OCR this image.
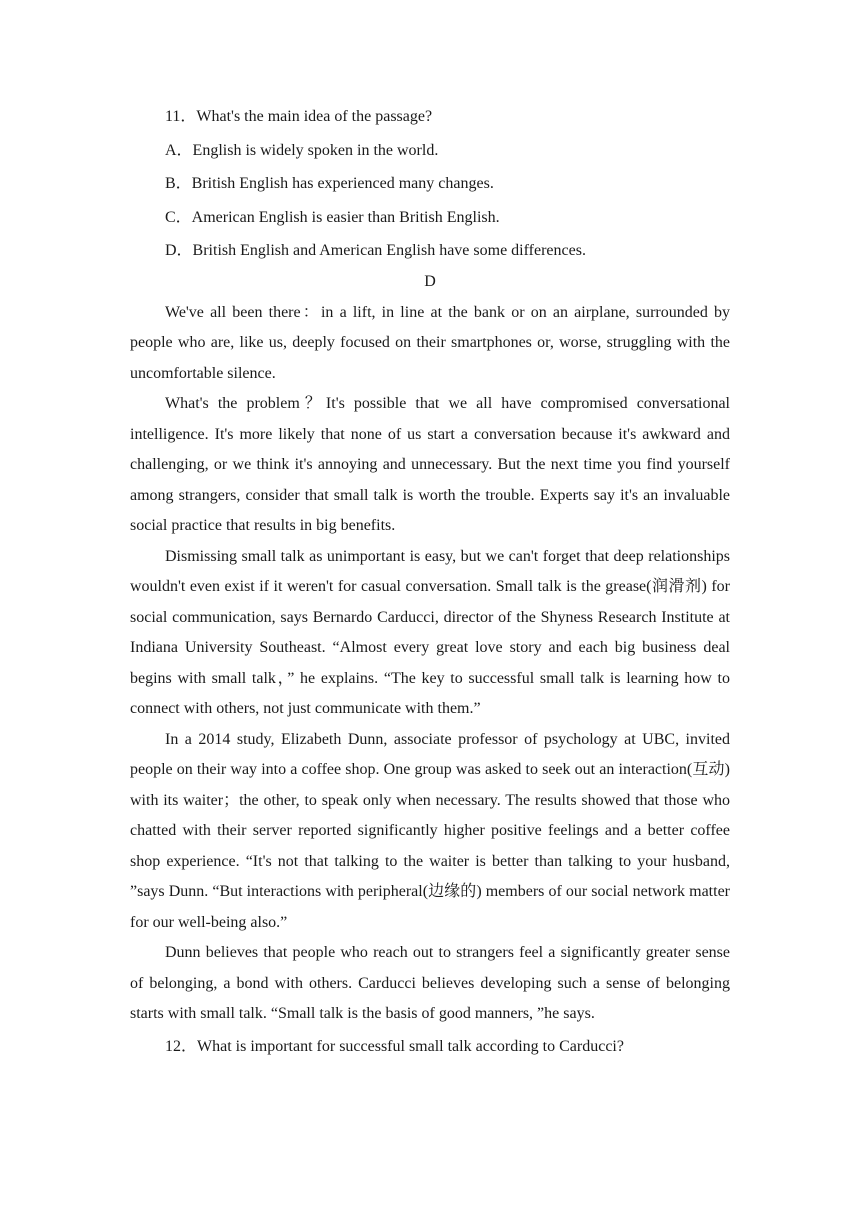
11．What's the main idea of the passage?
A．English is widely spoken in the world.
B．British English has experienced many changes.
C．American English is easier than British English.
D．British English and American English have some differences.
D

We've all been there：in a lift, in line at the bank or on an airplane, surrounded by people who are, like us, deeply focused on their smartphones or, worse, struggling with the uncomfortable silence.

What's the problem？It's possible that we all have compromised conversational intelligence. It's more likely that none of us start a conversation because it's awkward and challenging, or we think it's annoying and unnecessary. But the next time you find yourself among strangers, consider that small talk is worth the trouble. Experts say it's an invaluable social practice that results in big benefits.

Dismissing small talk as unimportant is easy, but we can't forget that deep relationships wouldn't even exist if it weren't for casual conversation. Small talk is the grease(润滑剂) for social communication, says Bernardo Carducci, director of the Shyness Research Institute at Indiana University Southeast. “Almost every great love story and each big business deal begins with small talk，” he explains. “The key to successful small talk is learning how to connect with others, not just communicate with them.”

In a 2014 study, Elizabeth Dunn, associate professor of psychology at UBC, invited people on their way into a coffee shop. One group was asked to seek out an interaction(互动) with its waiter；the other, to speak only when necessary. The results showed that those who chatted with their server reported significantly higher positive feelings and a better coffee shop experience. “It's not that talking to the waiter is better than talking to your husband, ”says Dunn. “But interactions with peripheral(边缘的) members of our social network matter for our well-being also.”

Dunn believes that people who reach out to strangers feel a significantly greater sense of belonging, a bond with others. Carducci believes developing such a sense of belonging　starts with small talk. “Small talk is the basis of good manners, ”he says.

12．What is important for successful small talk according to Carducci?
